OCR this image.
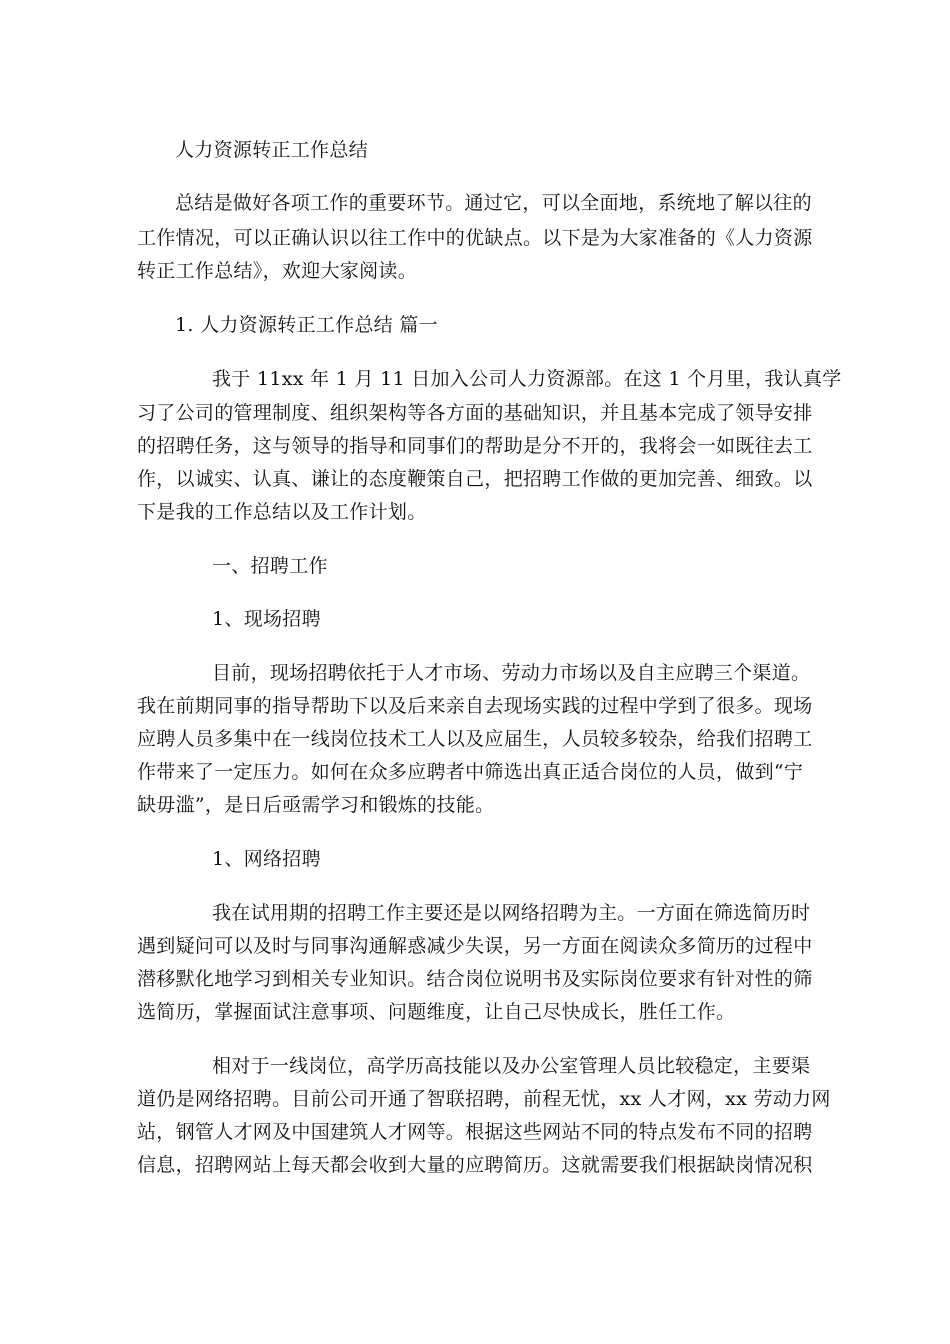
人力资源转正工作总结
总结是做好各项工作的重要环节。通过它，可以全面地，系统地了解以往的
工作情况，可以正确认识以往工作中的优缺点。以下是为大家准备的《人力资源
转正工作总结》，欢迎大家阅读。
1. 人力资源转正工作总结 篇一
我于 11xx 年 1 月 11 日加入公司人力资源部。在这 1 个月里，我认真学
习了公司的管理制度、组织架构等各方面的基础知识，并且基本完成了领导安排
的招聘任务，这与领导的指导和同事们的帮助是分不开的，我将会一如既往去工
作，以诚实、认真、谦让的态度鞭策自己，把招聘工作做的更加完善、细致。以
下是我的工作总结以及工作计划。
一、招聘工作
1、现场招聘
目前，现场招聘依托于人才市场、劳动力市场以及自主应聘三个渠道。
我在前期同事的指导帮助下以及后来亲自去现场实践的过程中学到了很多。现场
应聘人员多集中在一线岗位技术工人以及应届生，人员较多较杂，给我们招聘工
作带来了一定压力。如何在众多应聘者中筛选出真正适合岗位的人员，做到“宁
缺毋滥”，是日后亟需学习和锻炼的技能。
1、网络招聘
我在试用期的招聘工作主要还是以网络招聘为主。一方面在筛选简历时
遇到疑问可以及时与同事沟通解惑减少失误，另一方面在阅读众多简历的过程中
潜移默化地学习到相关专业知识。结合岗位说明书及实际岗位要求有针对性的筛
选简历，掌握面试注意事项、问题维度，让自己尽快成长，胜任工作。
相对于一线岗位，高学历高技能以及办公室管理人员比较稳定，主要渠
道仍是网络招聘。目前公司开通了智联招聘，前程无忧，xx 人才网，xx 劳动力网
站，钢管人才网及中国建筑人才网等。根据这些网站不同的特点发布不同的招聘
信息，招聘网站上每天都会收到大量的应聘简历。这就需要我们根据缺岗情况积
